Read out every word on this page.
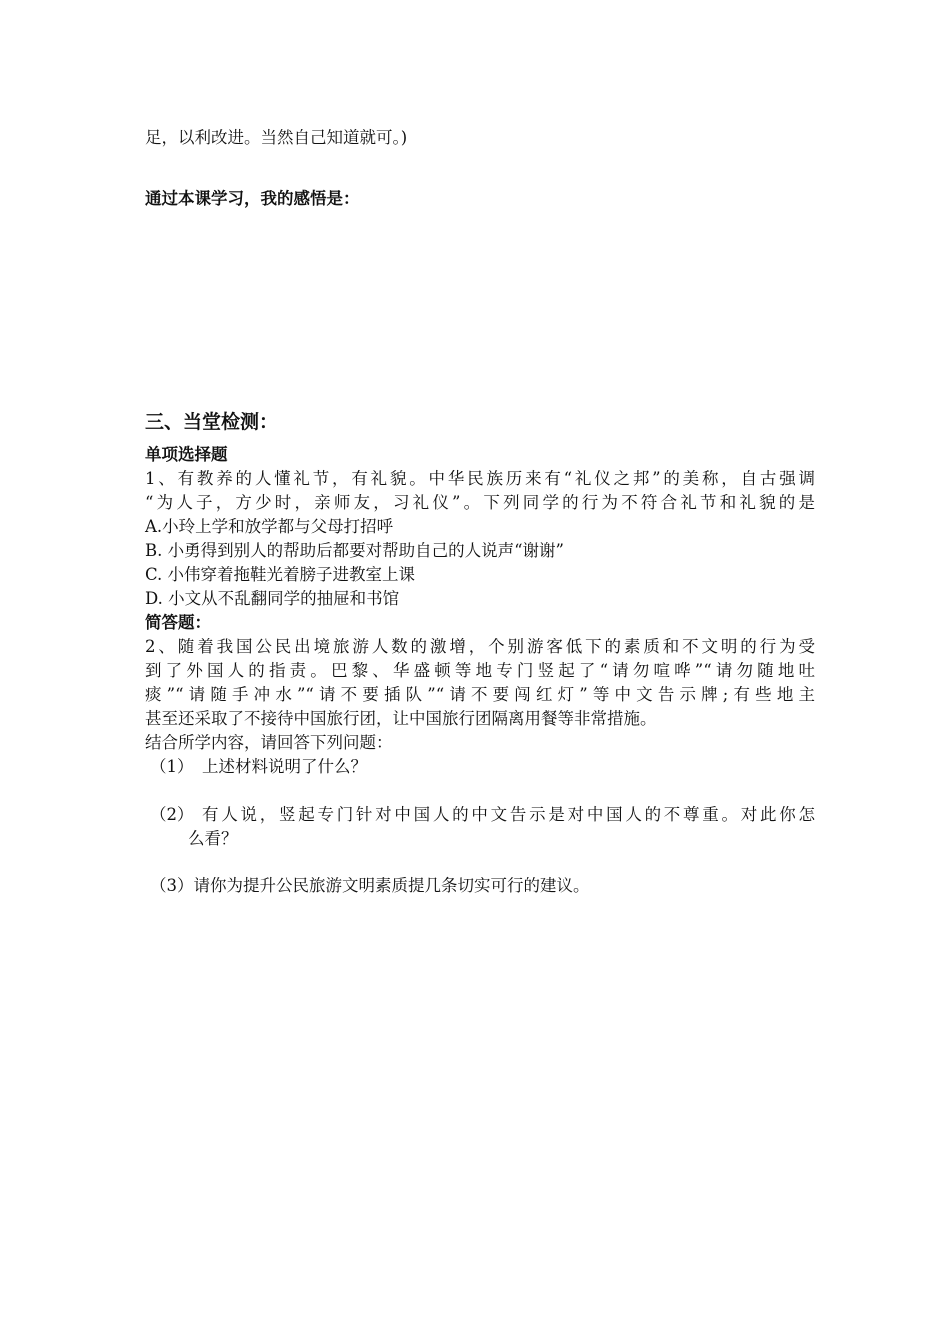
足，以利改进。当然自己知道就可。)
通过本课学习，我的感悟是：
三、当堂检测：
单项选择题
1、有教养的人懂礼节，有礼貌。中华民族历来有“礼仪之邦”的美称，自古强调
“为人子，方少时，亲师友，习礼仪”。下列同学的行为不符合礼节和礼貌的是
A.小玲上学和放学都与父母打招呼
B. 小勇得到别人的帮助后都要对帮助自己的人说声“谢谢”
C. 小伟穿着拖鞋光着膀子进教室上课
D. 小文从不乱翻同学的抽屉和书馆
简答题：
2、随着我国公民出境旅游人数的激增，个别游客低下的素质和不文明的行为受
到了外国人的指责。巴黎、华盛顿等地专门竖起了“请勿喧哗”“请勿随地吐
痰”“请随手冲水”“请不要插队”“请不要闯红灯”等中文告示牌;有些地主
甚至还采取了不接待中国旅行团，让中国旅行团隔离用餐等非常措施。
结合所学内容，请回答下列问题：
（1） 上述材料说明了什么？
（2） 有人说，竖起专门针对中国人的中文告示是对中国人的不尊重。对此你怎
么看？
（3）请你为提升公民旅游文明素质提几条切实可行的建议。
